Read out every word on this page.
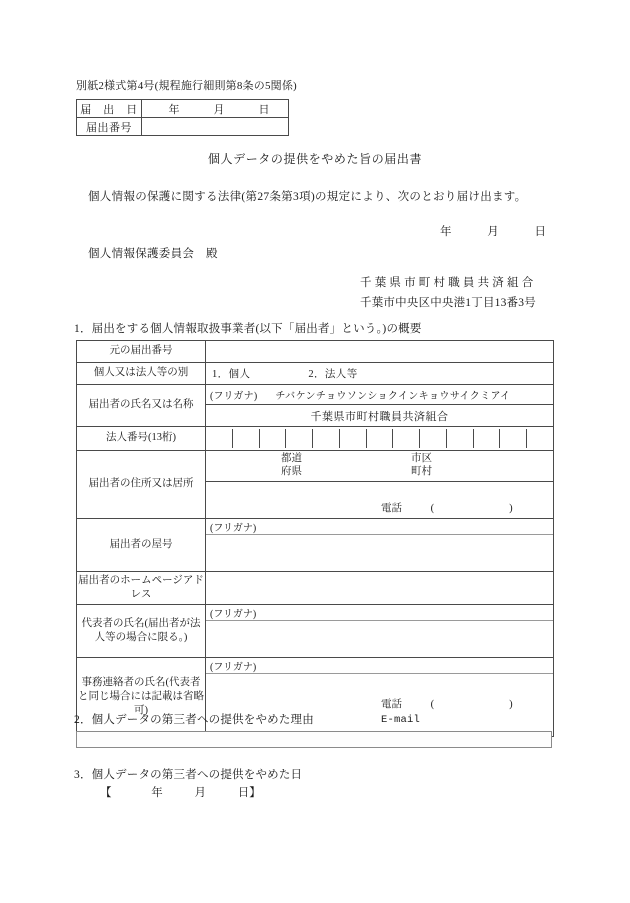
別紙2様式第4号(規程施行細則第8条の5関係)
届　出　日	年 月 日

届出番号	
個人データの提供をやめた旨の届出書
個人情報の保護に関する法律(第27条第3項)の規定により、次のとおり届け出ます。
年	月	日
個人情報保護委員会　殿
千葉県市町村職員共済組合
千葉市中央区中央港1丁目13番3号
1．届出をする個人情報取扱事業者(以下「届出者」という。)の概要
元の届出番号	
個人又は法人等の別	1．個人 2．法人等

届出者の氏名又は名称	(フリガナ) チバケンチョウソンショクインキョウサイクミアイ

	千葉県市町村職員共済組合
法人番号(13桁)	

届出者の住所又は居所	都道
府県
市区
町村
電話 (　　)

届出者の屋号	(フリガナ)

届出者のホームページアドレス	
代表者の氏名(届出者が法人等の場合に限る。)	(フリガナ)

事務連絡者の氏名(代表者と同じ場合には記載は省略可)	(フリガナ)
電話 (　　)
E-mail
2．個人データの第三者への提供をやめた理由
3．個人データの第三者への提供をやめた日
【	年	月	日】
